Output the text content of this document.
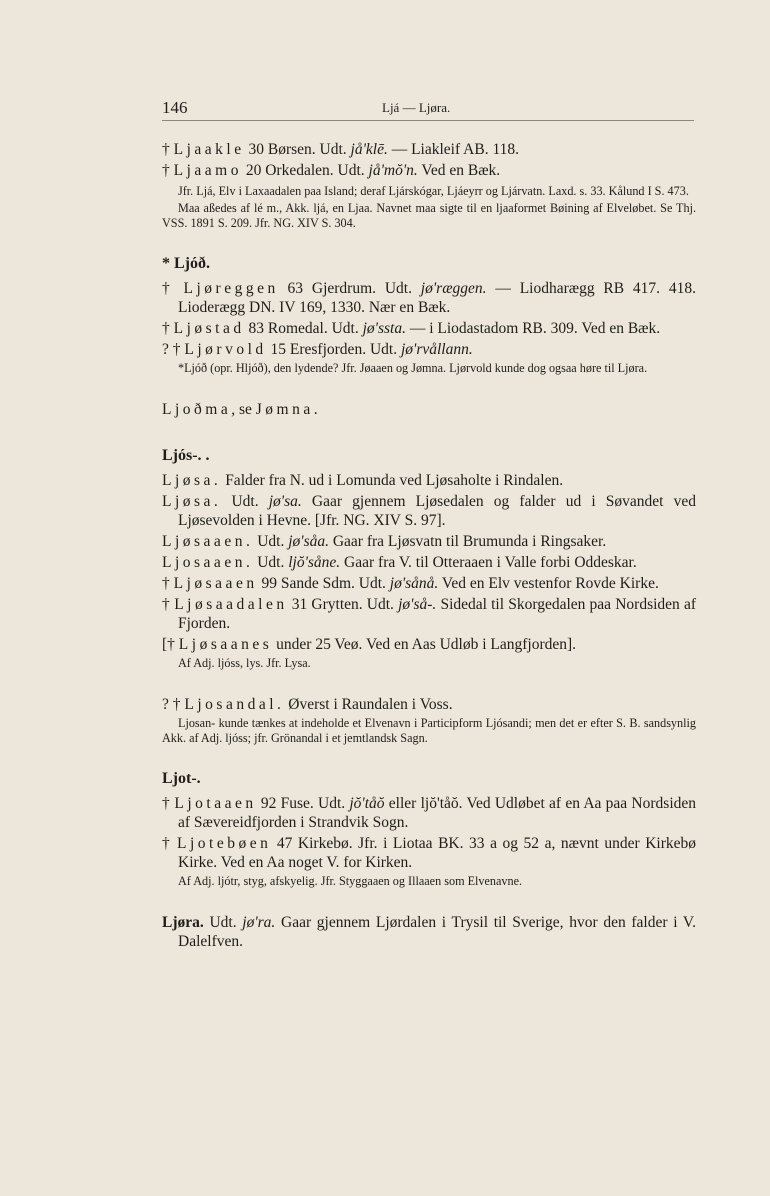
146	Ljá — Ljøra.

† Ljaakle 30 Børsen. Udt. jå'klē. — Liakleif AB. 118.

† Ljaamo 20 Orkedalen. Udt. jå'mŏ'n. Ved en Bæk.

Jfr. Ljá, Elv i Laxaadalen paa Island; deraf Ljárskógar, Ljáeyrr og Ljárvatn. Laxd. s. 33. Kålund I S. 473.

Maa aßedes af lé m., Akk. ljá, en Ljaa. Navnet maa sigte til en ljaaformet Bøining af Elveløbet. Se Thj. VSS. 1891 S. 209. Jfr. NG. XIV S. 304.

* Ljóð.

† Ljøreggen 63 Gjerdrum. Udt. jø'ræggen. — Liodharægg RB 417. 418. Lioderægg DN. IV 169, 1330. Nær en Bæk.

† Ljøstad 83 Romedal. Udt. jø'ssta. — i Liodastadom RB. 309. Ved en Bæk.

? † Ljørvold 15 Eresfjorden. Udt. jø'rvållann.

*Ljóð (opr. Hljóð), den lydende? Jfr. Jøaaen og Jømna. Ljørvold kunde dog ogsaa høre til Ljøra.

Ljoðma, se Jømna.

Ljós-. .

Ljøsa. Falder fra N. ud i Lomunda ved Ljøsaholte i Rindalen.

Ljøsa. Udt. jø'sa. Gaar gjennem Ljøsedalen og falder ud i Søvandet ved Ljøsevolden i Hevne. [Jfr. NG. XIV S. 97].

Ljøsaaen. Udt. jø'såa. Gaar fra Ljøsvatn til Brumunda i Ringsaker.

Ljosaaen. Udt. ljŏ'såne. Gaar fra V. til Otteraaen i Valle forbi Oddeskar.

† Ljøsaaen 99 Sande Sdm. Udt. jø'sånå. Ved en Elv vestenfor Rovde Kirke.

† Ljøsaadalen 31 Grytten. Udt. jø'så-. Sidedal til Skorgedalen paa Nordsiden af Fjorden.

[† Ljøsaanes under 25 Veø. Ved en Aas Udløb i Langfjorden].

Af Adj. ljóss, lys. Jfr. Lysa.

? † Ljosandal. Øverst i Raundalen i Voss.

Ljosan- kunde tænkes at indeholde et Elvenavn i Participform Ljósandi; men det er efter S. B. sandsynlig Akk. af Adj. ljóss; jfr. Grönandal i et jemtlandsk Sagn.

Ljot-.

† Ljotaaen 92 Fuse. Udt. jŏ'tåŏ eller ljŏ'tåŏ. Ved Udløbet af en Aa paa Nordsiden af Sævereidfjorden i Strandvik Sogn.

† Ljotebøen 47 Kirkebø. Jfr. i Liotaa BK. 33 a og 52 a, nævnt under Kirkebø Kirke. Ved en Aa noget V. for Kirken.

Af Adj. ljótr, styg, afskyelig. Jfr. Styggaaen og Illaaen som Elvenavne.

Ljøra. Udt. jø'ra. Gaar gjennem Ljørdalen i Trysil til Sverige, hvor den falder i V. Dalelfven.
